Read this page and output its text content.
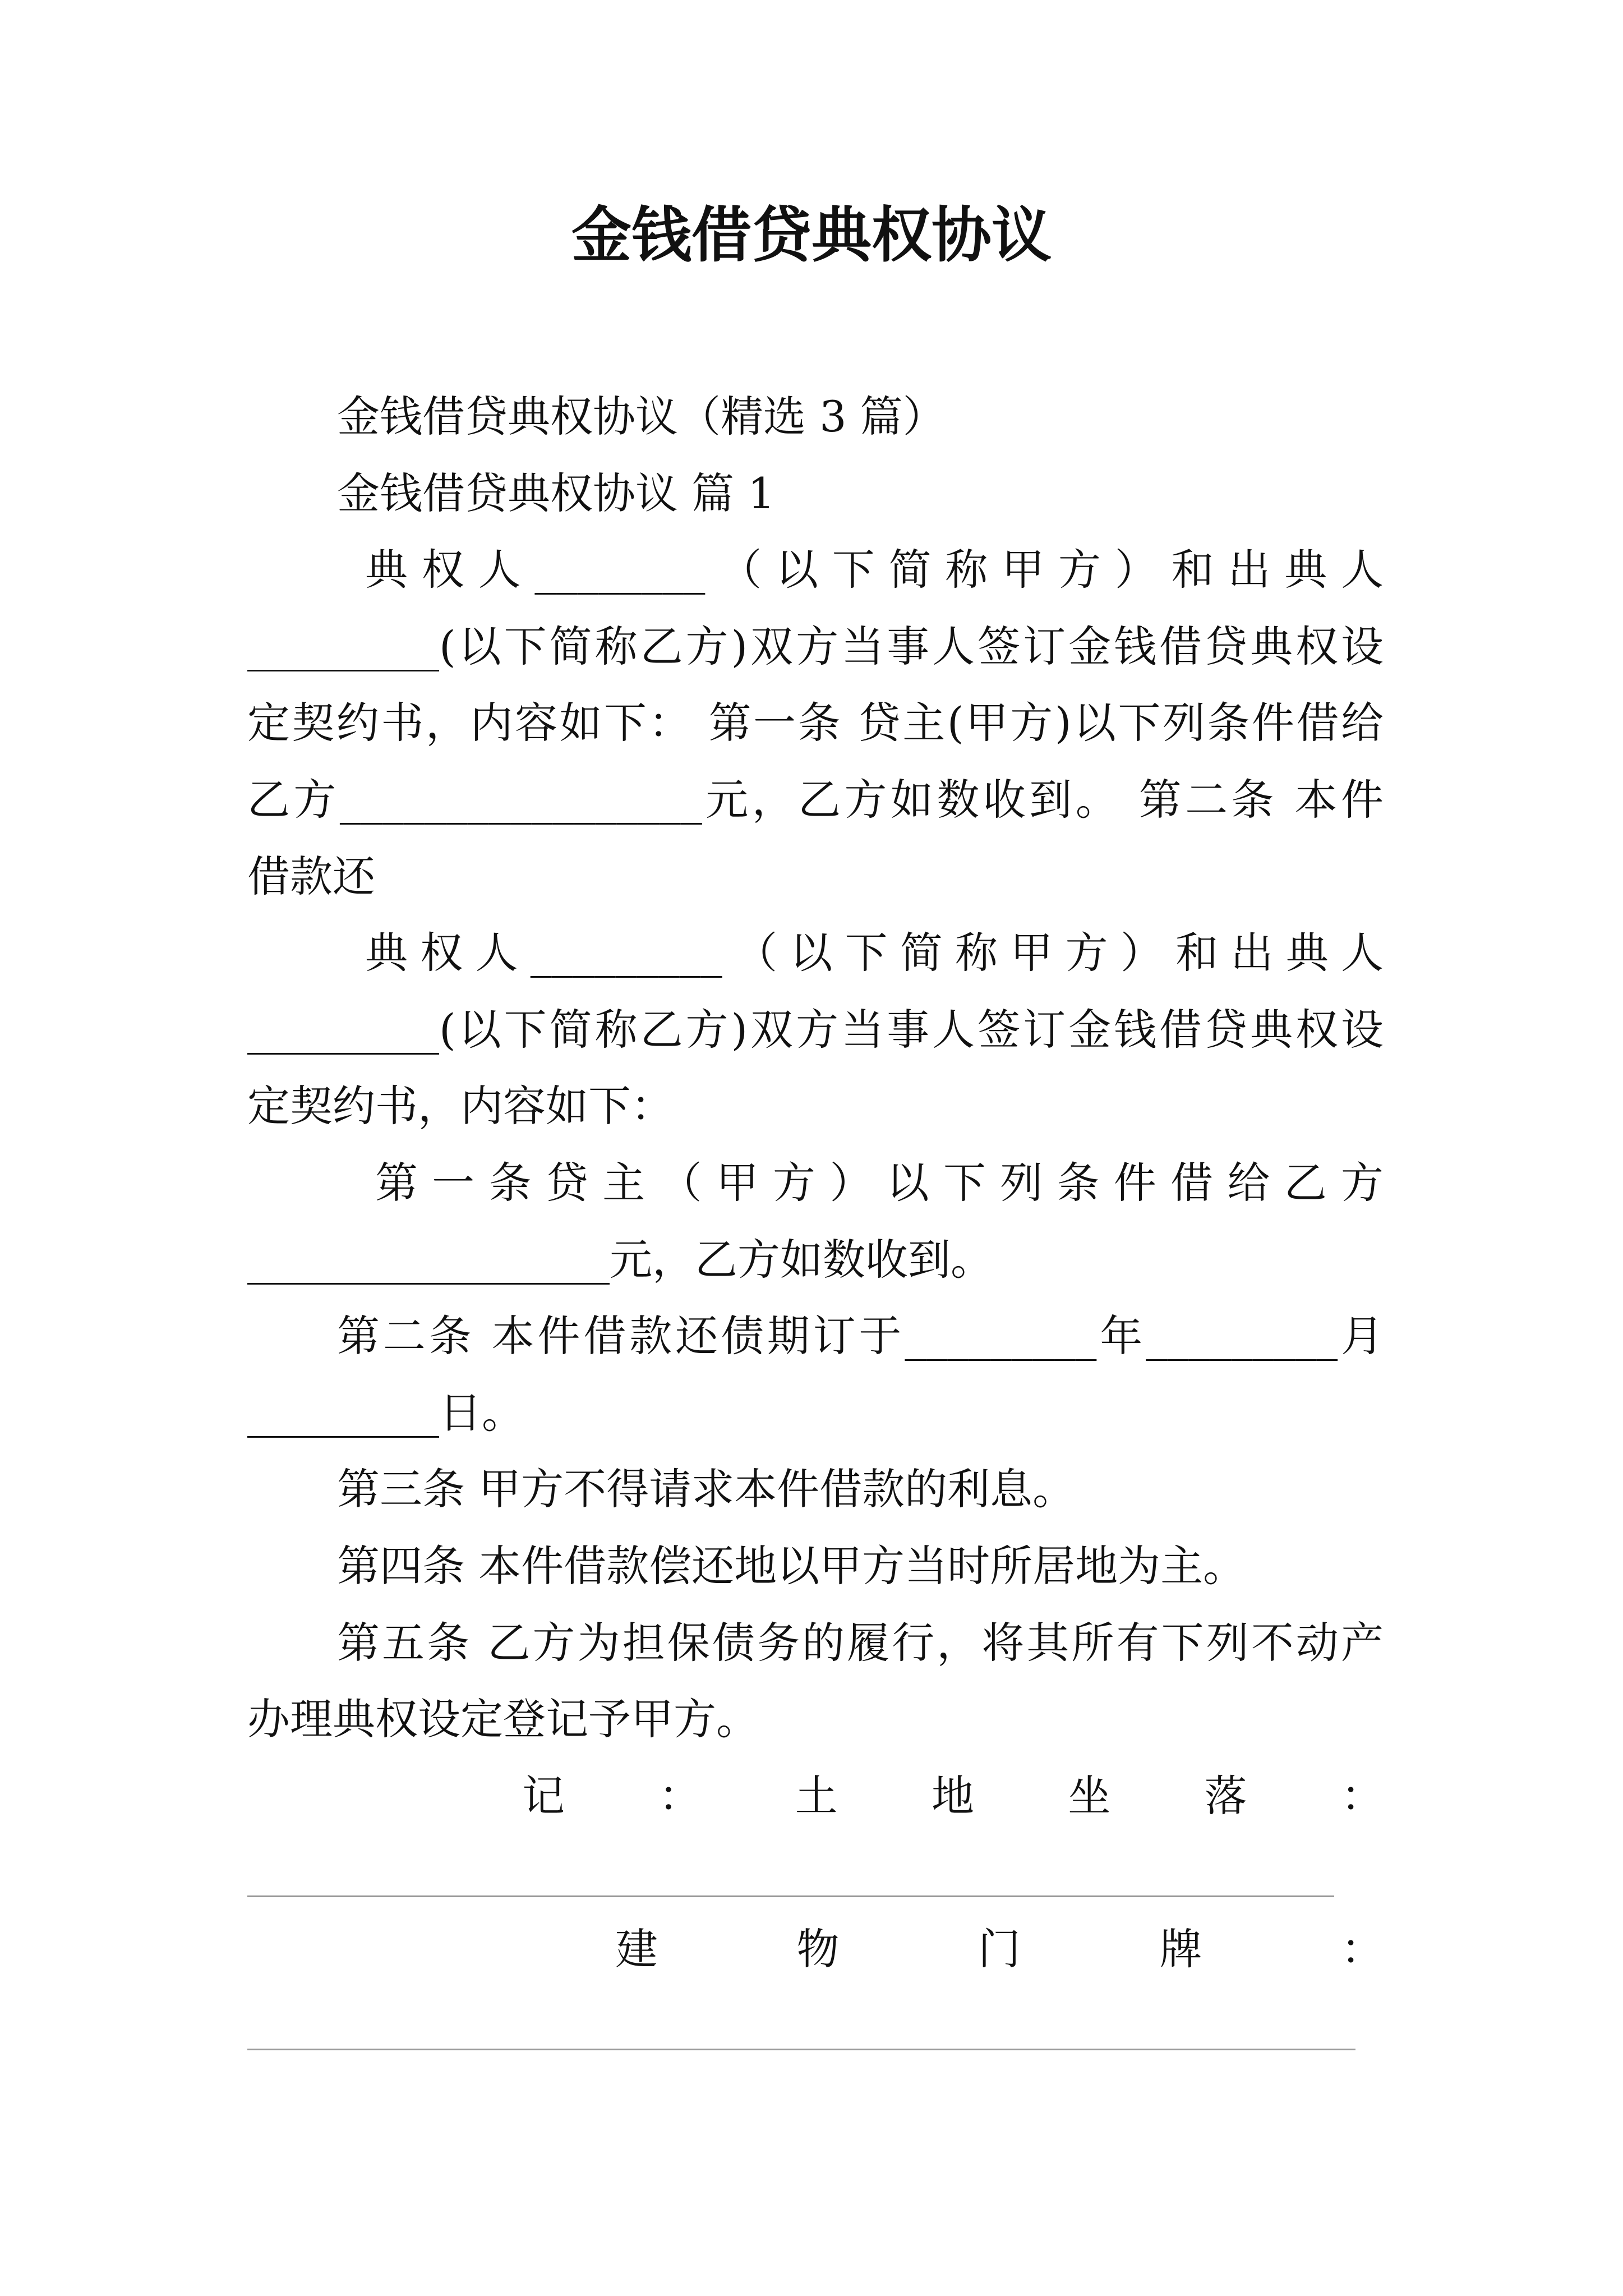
金钱借贷典权协议
金钱借贷典权协议（精选 3 篇）
金钱借贷典权协议 篇 1
典权人________（以下简称甲方）和出典人
_________(以下简称乙方)双方当事人签订金钱借贷典权设
定契约书，内容如下： 第一条 贷主(甲方)以下列条件借给
乙方_________________元，乙方如数收到。 第二条 本件
借款还
典权人_________（以下简称甲方）和出典人
_________(以下简称乙方)双方当事人签订金钱借贷典权设
定契约书，内容如下：
第一条贷主（甲方）以下列条件借给乙方
_________________元，乙方如数收到。
第二条 本件借款还债期订于_________年_________月
_________日。
第三条 甲方不得请求本件借款的利息。
第四条 本件借款偿还地以甲方当时所居地为主。
第五条 乙方为担保债务的履行，将其所有下列不动产
办理典权设定登记予甲方。
记：土地坐落：
___________________________________________________
建物门牌：
____________________________________________________
